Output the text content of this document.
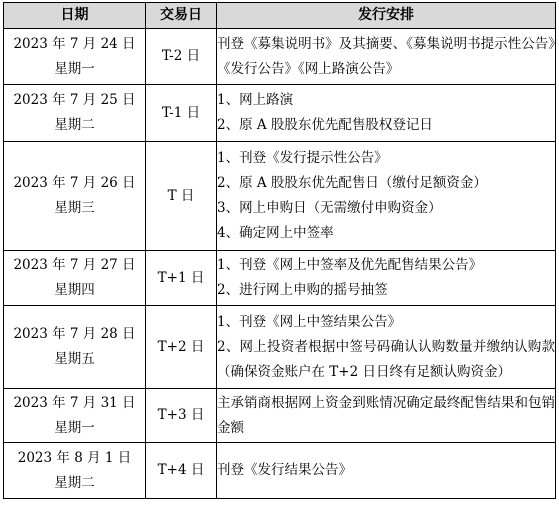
日期	交易日	发行安排

2023 年 7 月 24 日
星期一	T-2 日	刊登《募集说明书》及其摘要、《募集说明书提示性公告》《发行公告》《网上路演公告》

2023 年 7 月 25 日
星期二	T-1 日	1、网上路演
2、原 A 股股东优先配售股权登记日

2023 年 7 月 26 日
星期三	T 日	1、刊登《发行提示性公告》
2、原 A 股股东优先配售日（缴付足额资金）
3、网上申购日（无需缴付申购资金）
4、确定网上中签率

2023 年 7 月 27 日
星期四	T+1 日	1、刊登《网上中签率及优先配售结果公告》
2、进行网上申购的摇号抽签

2023 年 7 月 28 日
星期五	T+2 日	1、刊登《网上中签结果公告》
2、网上投资者根据中签号码确认认购数量并缴纳认购款（确保资金账户在 T+2 日日终有足额认购资金）

2023 年 7 月 31 日
星期一	T+3 日	主承销商根据网上资金到账情况确定最终配售结果和包销金额

2023 年 8 月 1 日
星期二	T+4 日	刊登《发行结果公告》
